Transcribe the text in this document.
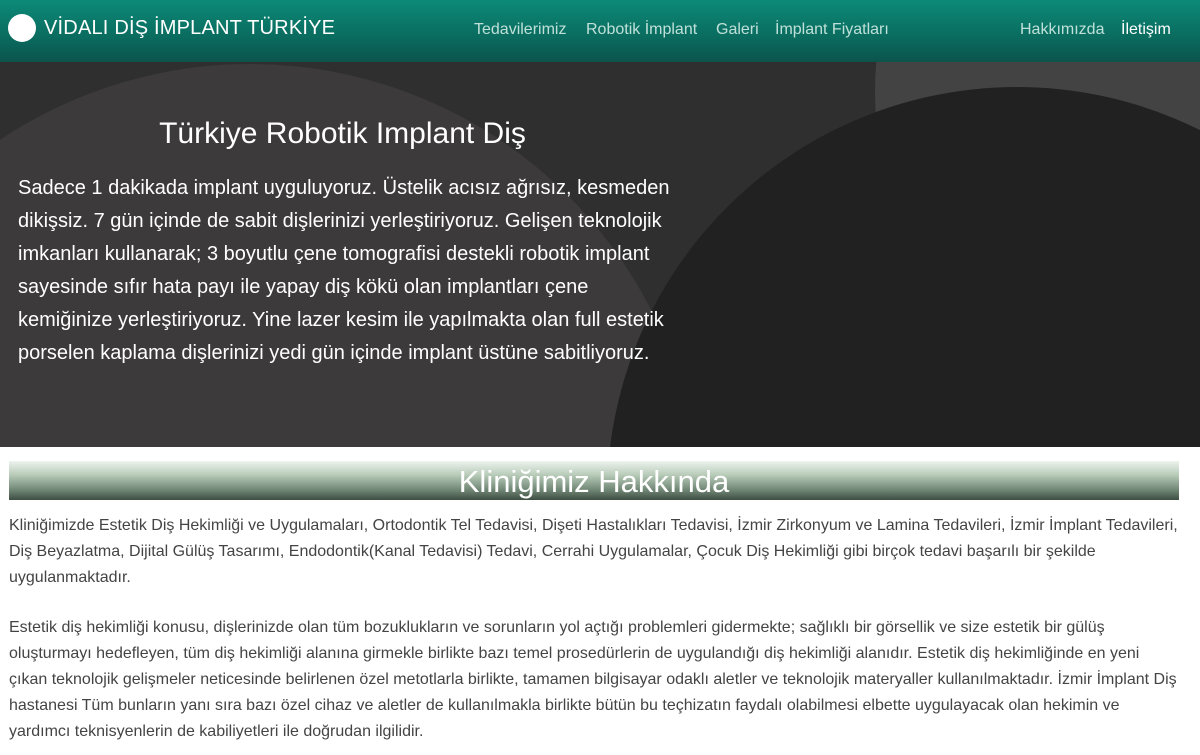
VİDALI DİŞ İMPLANT TÜRKİYE	Tedavilerimiz Robotik İmplant Galeri İmplant Fiyatları	Hakkımızda İletişim
Türkiye Robotik Implant Diş

Sadece 1 dakikada implant uyguluyoruz. Üstelik acısız ağrısız, kesmeden dikişsiz. 7 gün içinde de sabit dişlerinizi yerleştiriyoruz. Gelişen teknolojik imkanları kullanarak; 3 boyutlu çene tomografisi destekli robotik implant sayesinde sıfır hata payı ile yapay diş kökü olan implantları çene kemiğinize yerleştiriyoruz. Yine lazer kesim ile yapılmakta olan full estetik porselen kaplama dişlerinizi yedi gün içinde implant üstüne sabitliyoruz.

Kliniğimiz Hakkında

Kliniğimizde Estetik Diş Hekimliği ve Uygulamaları, Ortodontik Tel Tedavisi, Dişeti Hastalıkları Tedavisi, İzmir Zirkonyum ve Lamina Tedavileri, İzmir İmplant Tedavileri, Diş Beyazlatma, Dijital Gülüş Tasarımı, Endodontik(Kanal Tedavisi) Tedavi, Cerrahi Uygulamalar, Çocuk Diş Hekimliği gibi birçok tedavi başarılı bir şekilde uygulanmaktadır.

Estetik diş hekimliği konusu, dişlerinizde olan tüm bozuklukların ve sorunların yol açtığı problemleri gidermekte; sağlıklı bir görsellik ve size estetik bir gülüş oluşturmayı hedefleyen, tüm diş hekimliği alanına girmekle birlikte bazı temel prosedürlerin de uygulandığı diş hekimliği alanıdır. Estetik diş hekimliğinde en yeni çıkan teknolojik gelişmeler neticesinde belirlenen özel metotlarla birlikte, tamamen bilgisayar odaklı aletler ve teknolojik materyaller kullanılmaktadır. İzmir İmplant Diş hastanesi Tüm bunların yanı sıra bazı özel cihaz ve aletler de kullanılmakla birlikte bütün bu teçhizatın faydalı olabilmesi elbette uygulayacak olan hekimin ve yardımcı teknisyenlerin de kabiliyetleri ile doğrudan ilgilidir.
